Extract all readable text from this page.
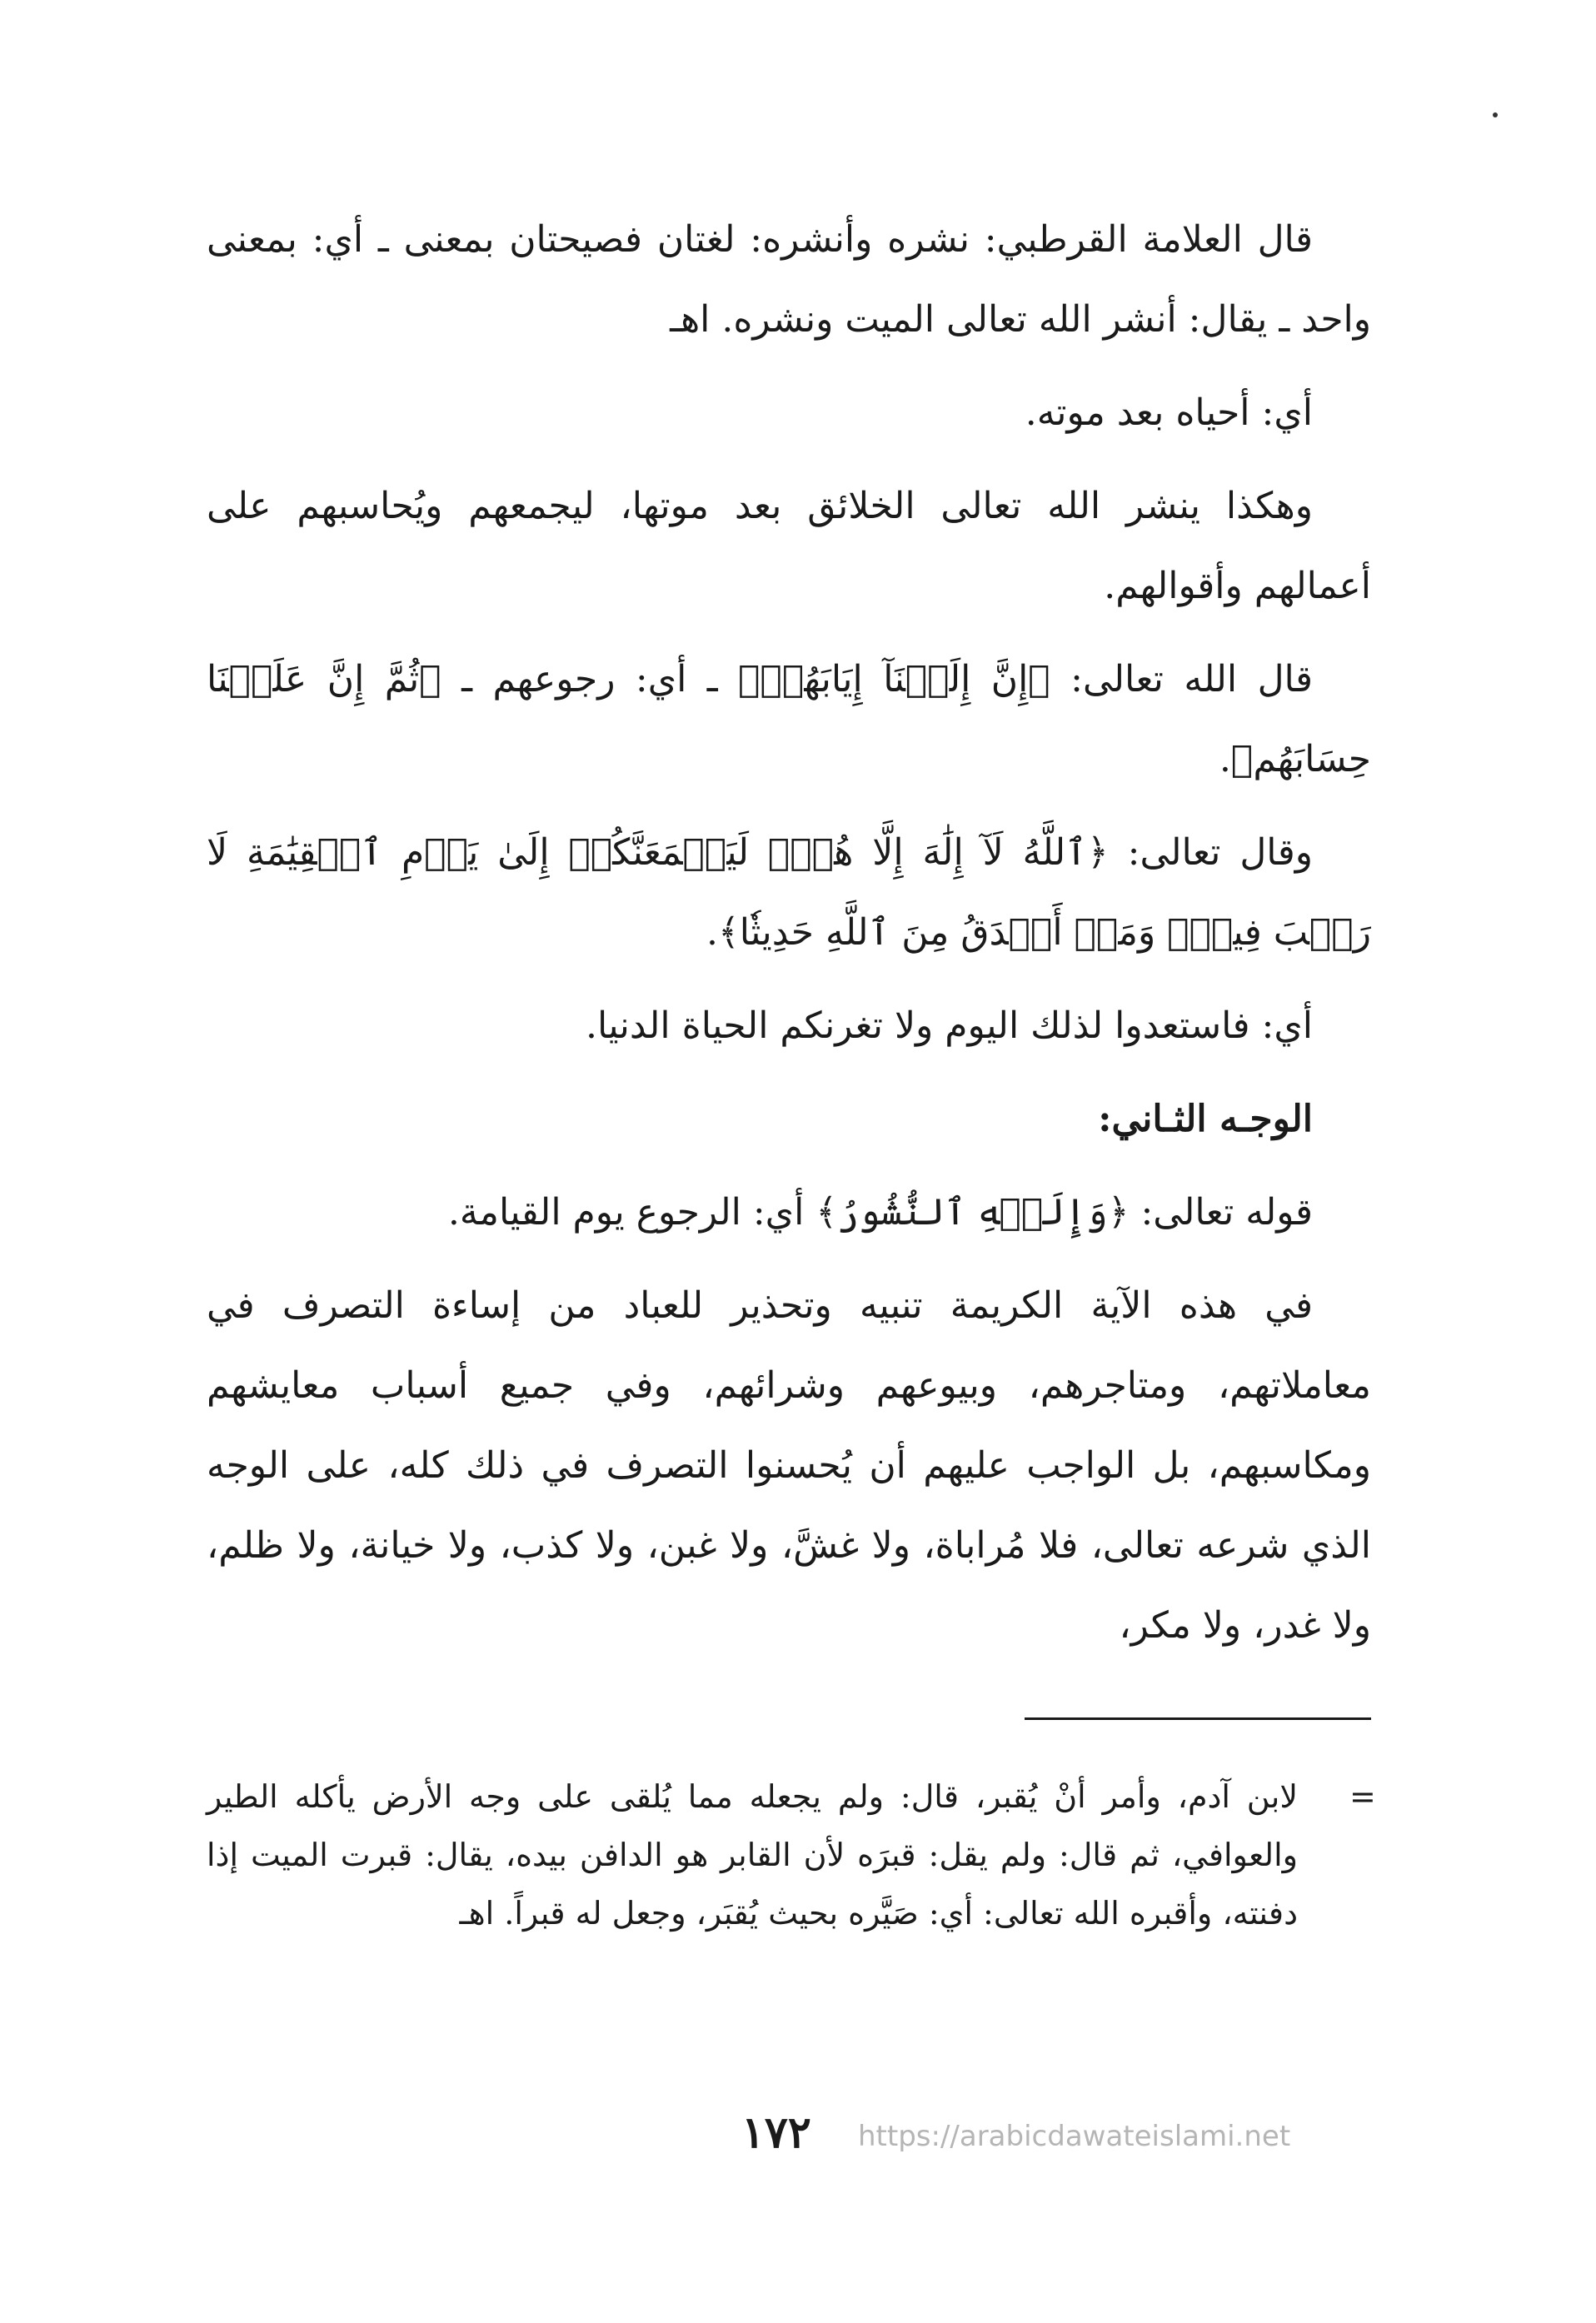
قال العلامة القرطبي: نشره وأنشره: لغتان فصيحتان بمعنى ـ أي: بمعنى واحد ـ يقال: أنشر الله تعالى الميت ونشره. اهـ

أي: أحياه بعد موته.

وهكذا ينشر الله تعالى الخلائق بعد موتها، ليجمعهم ويُحاسبهم على أعمالهم وأقوالهم.

قال الله تعالى: ﴿إِنَّ إِلَيۡنَآ إِيَابَهُمۡ﴾ ـ أي: رجوعهم ـ ﴿ثُمَّ إِنَّ عَلَيۡنَا حِسَابَهُم﴾.

وقال تعالى: ﴿ٱللَّهُ لَآ إِلَٰهَ إِلَّا هُوَۚ لَيَجۡمَعَنَّكُمۡ إِلَىٰ يَوۡمِ ٱلۡقِيَٰمَةِ لَا رَيۡبَ فِيهِۗ وَمَنۡ أَصۡدَقُ مِنَ ٱللَّهِ حَدِيثٗا﴾.

أي: فاستعدوا لذلك اليوم ولا تغرنكم الحياة الدنيا.

الوجـه الثـاني:

قوله تعالى: ﴿وَإِلَيۡهِ ٱلنُّشُورُ﴾ أي: الرجوع يوم القيامة.

في هذه الآية الكريمة تنبيه وتحذير للعباد من إساءة التصرف في معاملاتهم، ومتاجرهم، وبيوعهم وشرائهم، وفي جميع أسباب معايشهم ومكاسبهم، بل الواجب عليهم أن يُحسنوا التصرف في ذلك كله، على الوجه الذي شرعه تعالى، فلا مُراباة، ولا غشَّ، ولا غبن، ولا كذب، ولا خيانة، ولا ظلم، ولا غدر، ولا مكر،

=
لابن آدم، وأمر أنْ يُقبر، قال: ولم يجعله مما يُلقى على وجه الأرض يأكله الطير والعوافي، ثم قال: ولم يقل: قبرَه لأن القابر هو الدافن بيده، يقال: قبرت الميت إذا دفنته، وأقبره الله تعالى: أي: صَيَّره بحيث يُقبَر، وجعل له قبراً. اهـ
١٧٢ https://arabicdawateislami.net
